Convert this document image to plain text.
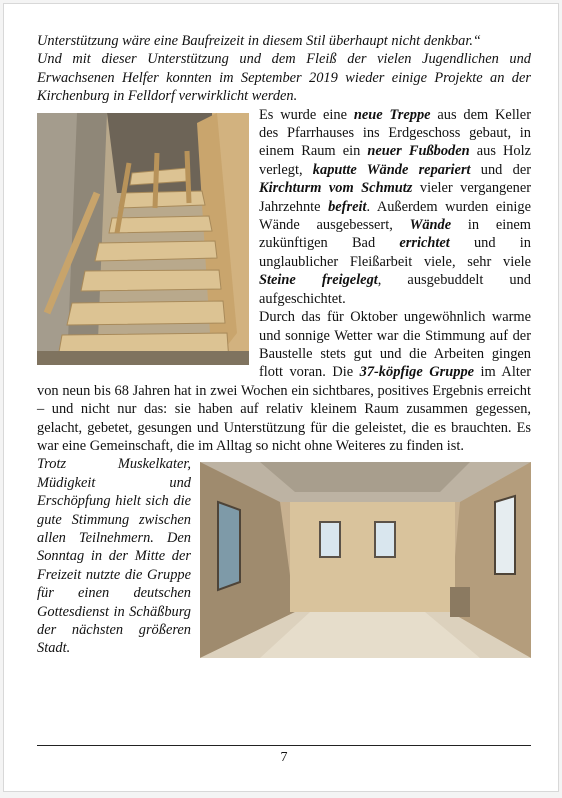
Unterstützung wäre eine Baufreizeit in diesem Stil überhaupt nicht denkbar.“

Und mit dieser Unterstützung und dem Fleiß der vielen Jugendlichen und Erwachsenen Helfer konnten im September 2019 wieder einige Projekte an der Kirchenburg in Felldorf verwirklicht werden.

Es wurde eine neue Treppe aus dem Keller des Pfarrhauses ins Erdgeschoss gebaut, in einem Raum ein neuer Fußboden aus Holz verlegt, kaputte Wände repariert und der Kirchturm vom Schmutz vieler vergangener Jahrzehnte befreit. Außerdem wurden einige Wände ausgebessert, Wände in einem zukünftigen Bad errichtet und in unglaublicher Fleißarbeit viele, sehr viele Steine freigelegt, ausgebuddelt und aufgeschichtet.

Durch das für Oktober ungewöhnlich warme und sonnige Wetter war die Stimmung auf der Baustelle stets gut und die Arbeiten gingen flott voran. Die 37-köpfige Gruppe im Alter von neun bis 68 Jahren hat in zwei Wochen ein sichtbares, positives Ergebnis erreicht – und nicht nur das: sie haben auf relativ kleinem Raum zusammen gegessen, gelacht, gebetet, gesungen und Unterstützung für die geleistet, die es brauchten. Es war eine Gemeinschaft, die im Alltag so nicht ohne Weiteres zu finden ist.

Trotz Muskelkater, Müdigkeit und Erschöpfung hielt sich die gute Stimmung zwischen allen Teilnehmern. Den Sonntag in der Mitte der Freizeit nutzte die Gruppe für einen deutschen Gottesdienst in Schäßburg der nächsten größeren Stadt.

7
